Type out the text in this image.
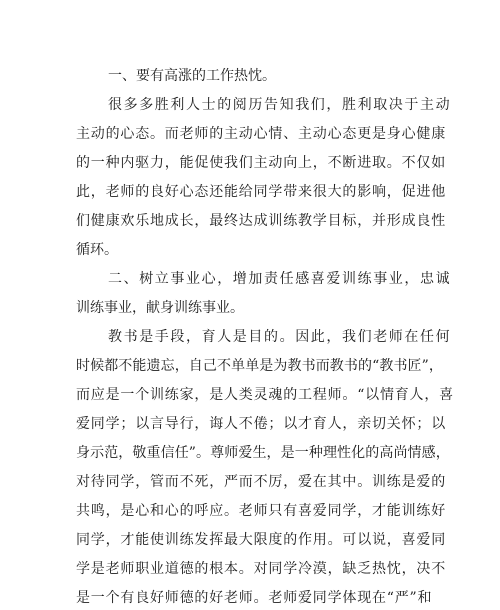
一、要有高涨的工作热忱。
很多多胜利人士的阅历告知我们，胜利取决于主动
主动的心态。而老师的主动心情、主动心态更是身心健康
的一种内驱力，能促使我们主动向上，不断进取。不仅如
此，老师的良好心态还能给同学带来很大的影响，促进他
们健康欢乐地成长，最终达成训练教学目标，并形成良性
循环。
二、树立事业心，增加责任感喜爱训练事业，忠诚
训练事业，献身训练事业。
教书是手段，育人是目的。因此，我们老师在任何
时候都不能遗忘，自己不单单是为教书而教书的“教书匠”，
而应是一个训练家，是人类灵魂的工程师。“以情育人，喜
爱同学；以言导行，诲人不倦；以才育人，亲切关怀；以
身示范，敬重信任”。尊师爱生，是一种理性化的高尚情感，
对待同学，管而不死，严而不厉，爱在其中。训练是爱的
共鸣，是心和心的呼应。老师只有喜爱同学，才能训练好
同学，才能使训练发挥最大限度的作用。可以说，喜爱同
学是老师职业道德的根本。对同学冷漠，缺乏热忱，决不
是一个有良好师德的好老师。老师爱同学体现在“严”和
